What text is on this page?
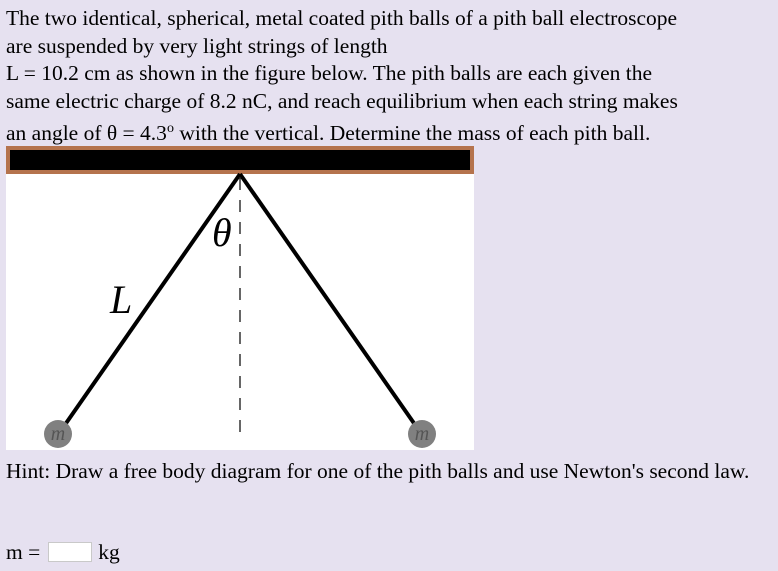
The two identical, spherical, metal coated pith balls of a pith ball electroscope
are suspended by very light strings of length
L = 10.2 cm as shown in the figure below. The pith balls are each given the
same electric charge of 8.2 nC, and reach equilibrium when each string makes
an angle of $\theta = 4.3^o$ with the vertical. Determine the mass of each pith ball.
θ
L
m	m
Hint: Draw a free body diagram for one of the pith balls and use Newton's second law.
m =	kg
